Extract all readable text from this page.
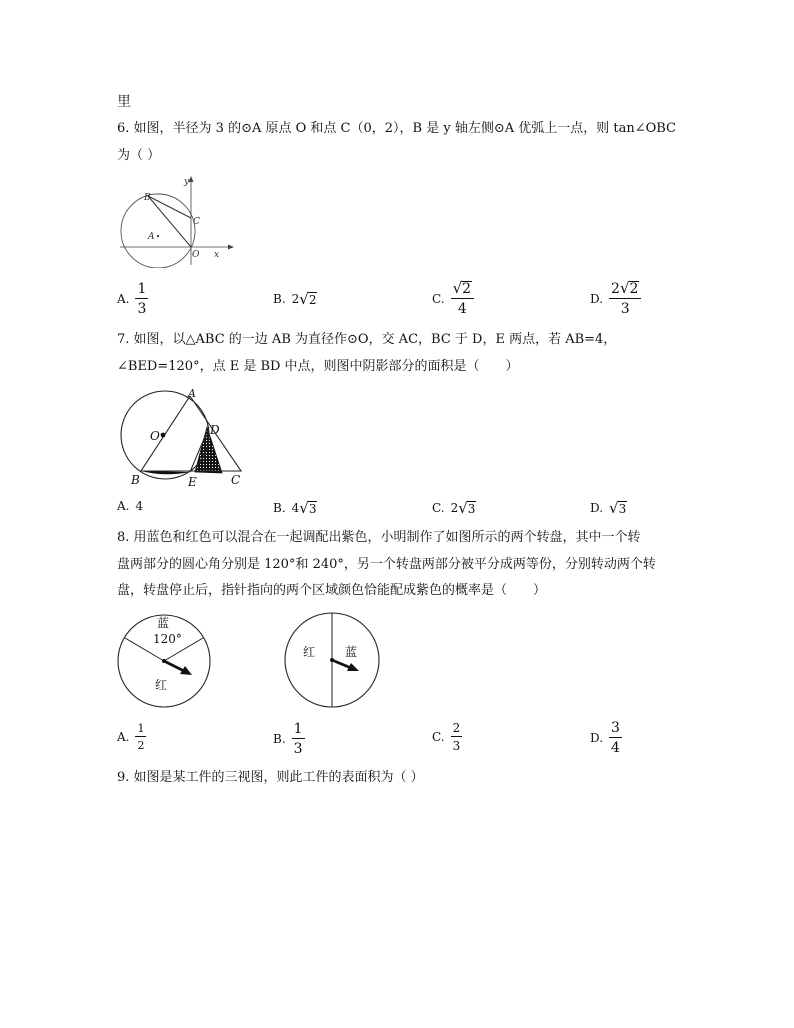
里
6. 如图，半径为 3 的⊙A 原点 O 和点 C（0，2），B 是 y 轴左侧⊙A 优弧上一点，则 tan∠OBC
为（ ）
y
B
C
A
O x
A. $\frac{1}{3}$	B. 2 √ 2	C. $\frac{√2}{4}$	D. $\frac{2√2}{3}$
7. 如图，以△ABC 的一边 AB 为直径作⊙O，交 AC，BC 于 D，E 两点，若 AB=4，
∠BED=120°，点 E 是 BD 中点，则图中阴影部分的面积是（　　）
A
O	D
B	E	C
A. 4	B. 4 √ 3	C. 2 √ 3	D. √ 3
8. 用蓝色和红色可以混合在一起调配出紫色，小明制作了如图所示的两个转盘，其中一个转
盘两部分的圆心角分别是 120°和 240°，另一个转盘两部分被平分成两等份，分别转动两个转
盘，转盘停止后，指针指向的两个区域颜色恰能配成紫色的概率是（　　）
蓝
120°
红
红 蓝
A. $\frac{1}{2}$	B. $\frac{1}{3}$	C. $\frac{2}{3}$	D. $\frac{3}{4}$
9. 如图是某工件的三视图，则此工件的表面积为（ ）
